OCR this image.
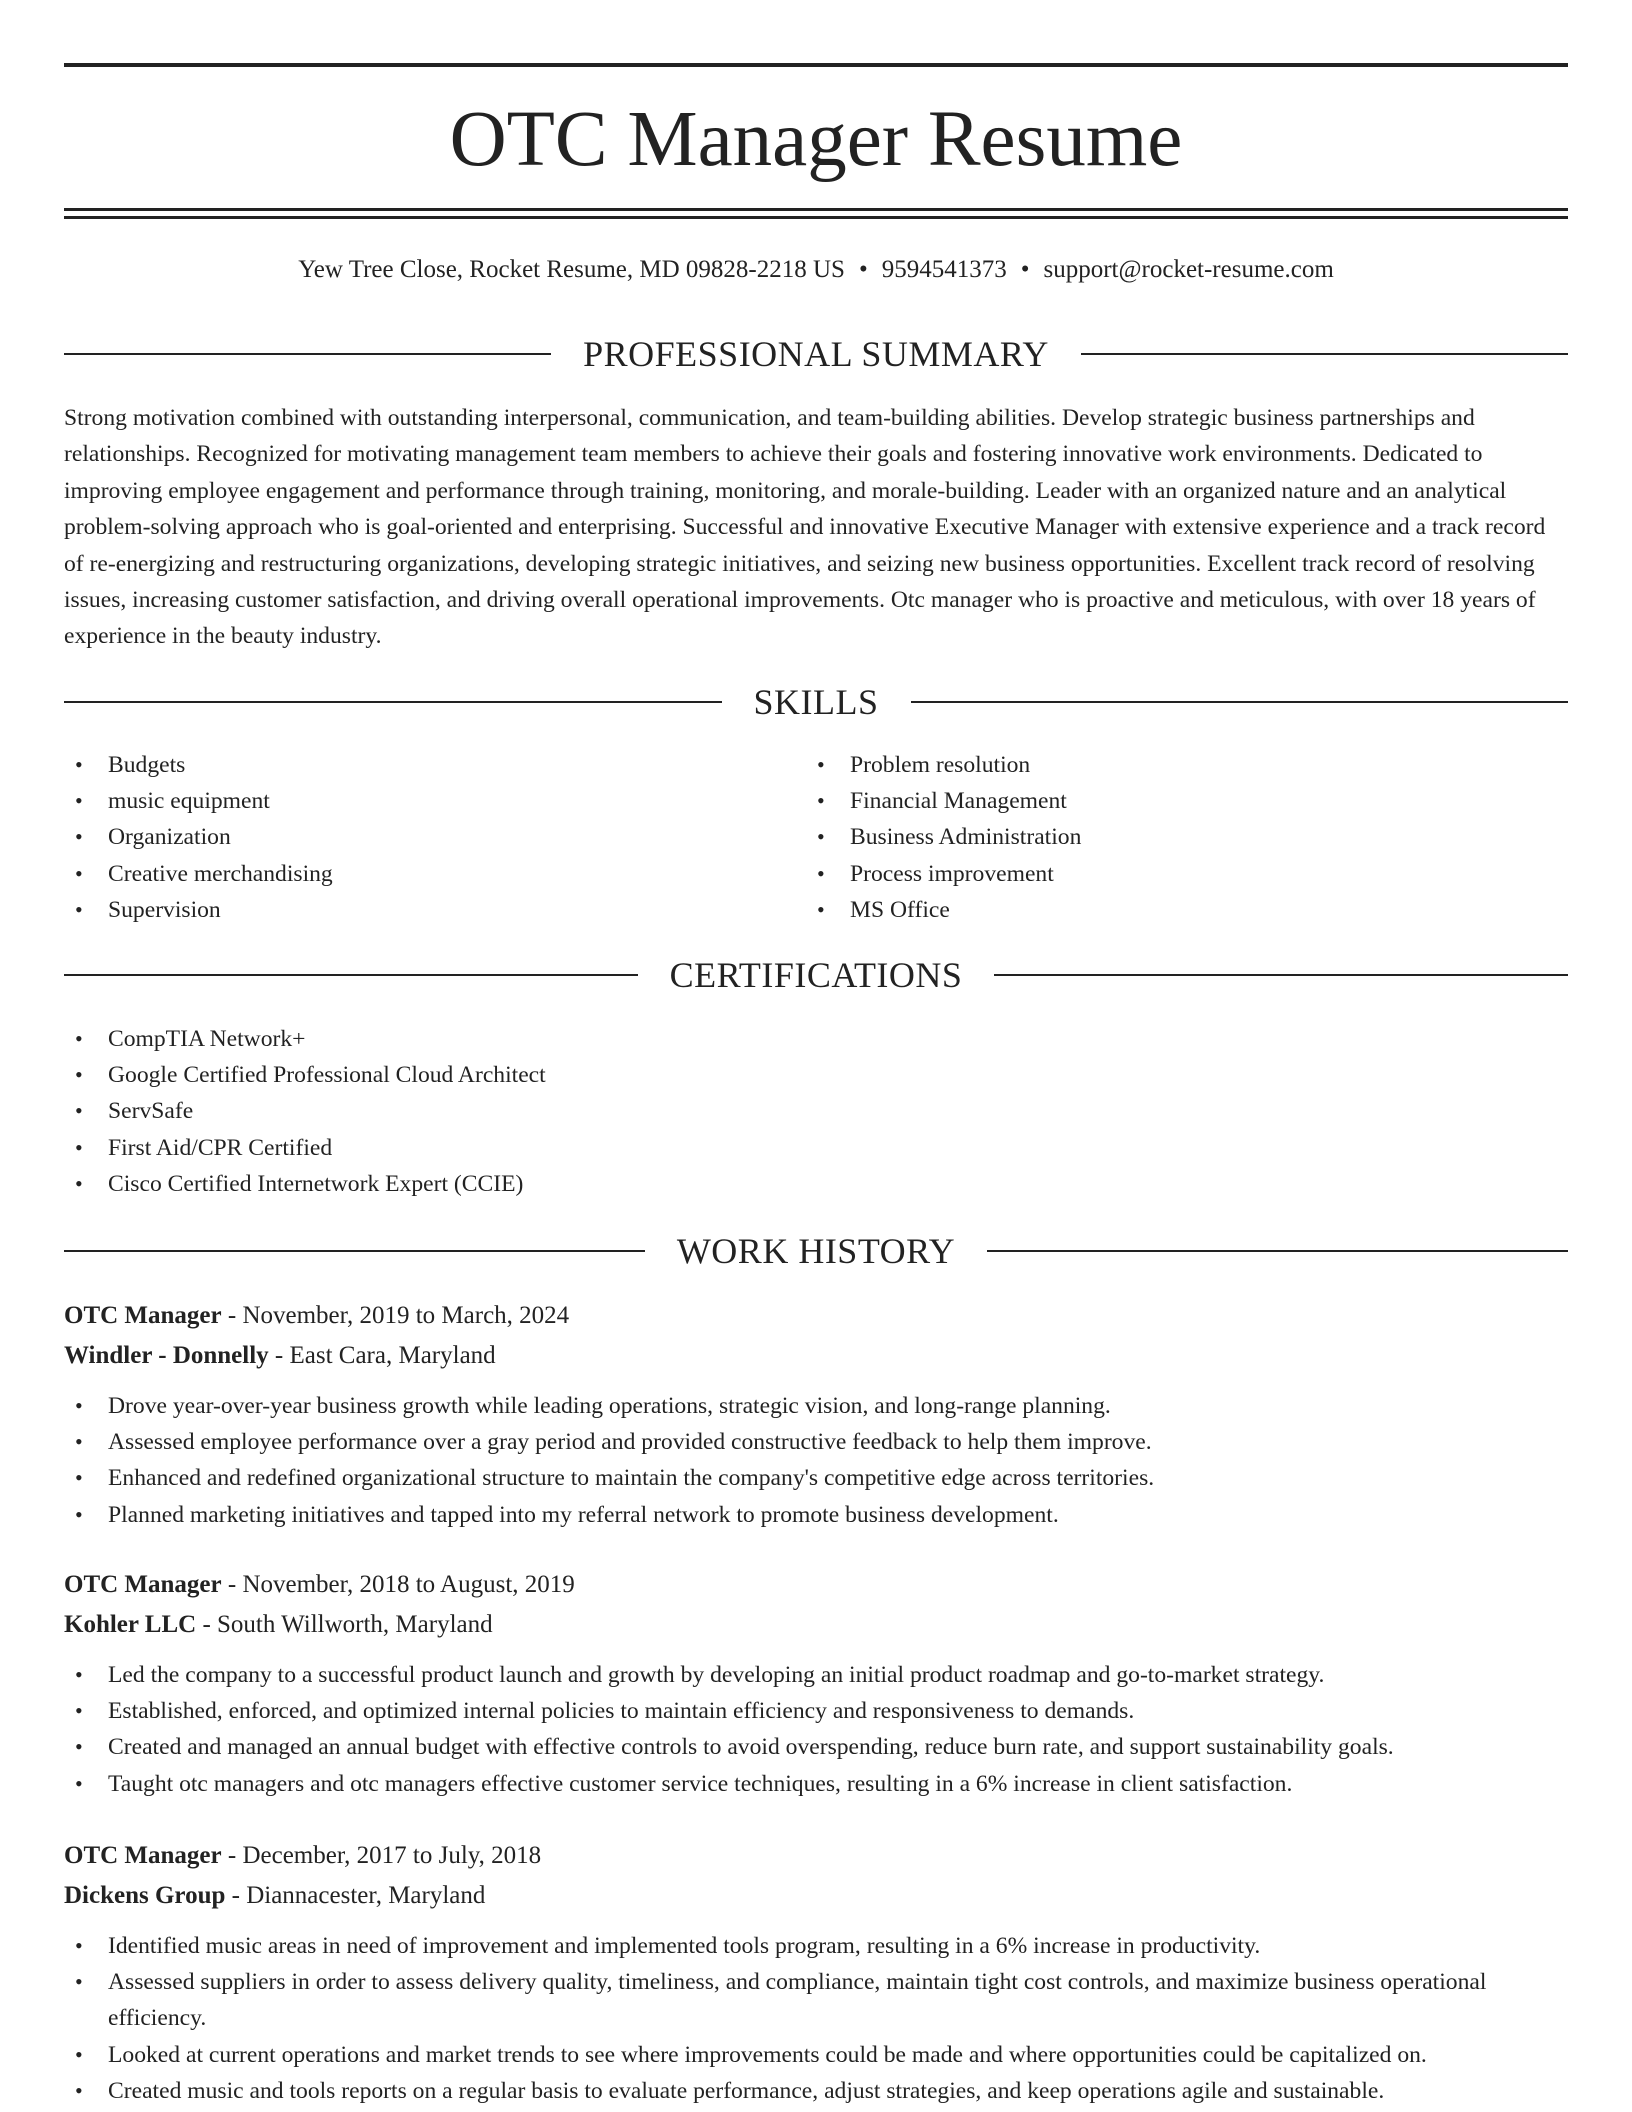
OTC Manager Resume
Yew Tree Close, Rocket Resume, MD 09828-2218 US • 9594541373 • support@rocket-resume.com
PROFESSIONAL SUMMARY
Strong motivation combined with outstanding interpersonal, communication, and team-building abilities. Develop strategic business partnerships and relationships. Recognized for motivating management team members to achieve their goals and fostering innovative work environments. Dedicated to improving employee engagement and performance through training, monitoring, and morale-building. Leader with an organized nature and an analytical problem-solving approach who is goal-oriented and enterprising. Successful and innovative Executive Manager with extensive experience and a track record of re-energizing and restructuring organizations, developing strategic initiatives, and seizing new business opportunities. Excellent track record of resolving issues, increasing customer satisfaction, and driving overall operational improvements. Otc manager who is proactive and meticulous, with over 18 years of experience in the beauty industry.
SKILLS
• Budgets
• music equipment
• Organization
• Creative merchandising
• Supervision
• Problem resolution
• Financial Management
• Business Administration
• Process improvement
• MS Office
CERTIFICATIONS
• CompTIA Network+
• Google Certified Professional Cloud Architect
• ServSafe
• First Aid/CPR Certified
• Cisco Certified Internetwork Expert (CCIE)
WORK HISTORY
OTC Manager - November, 2019 to March, 2024
Windler - Donnelly - East Cara, Maryland
• Drove year-over-year business growth while leading operations, strategic vision, and long-range planning.
• Assessed employee performance over a gray period and provided constructive feedback to help them improve.
• Enhanced and redefined organizational structure to maintain the company's competitive edge across territories.
• Planned marketing initiatives and tapped into my referral network to promote business development.
OTC Manager - November, 2018 to August, 2019
Kohler LLC - South Willworth, Maryland
• Led the company to a successful product launch and growth by developing an initial product roadmap and go-to-market strategy.
• Established, enforced, and optimized internal policies to maintain efficiency and responsiveness to demands.
• Created and managed an annual budget with effective controls to avoid overspending, reduce burn rate, and support sustainability goals.
• Taught otc managers and otc managers effective customer service techniques, resulting in a 6% increase in client satisfaction.
OTC Manager - December, 2017 to July, 2018
Dickens Group - Diannacester, Maryland
• Identified music areas in need of improvement and implemented tools program, resulting in a 6% increase in productivity.
• Assessed suppliers in order to assess delivery quality, timeliness, and compliance, maintain tight cost controls, and maximize business operational efficiency.
• Looked at current operations and market trends to see where improvements could be made and where opportunities could be capitalized on.
• Created music and tools reports on a regular basis to evaluate performance, adjust strategies, and keep operations agile and sustainable.
